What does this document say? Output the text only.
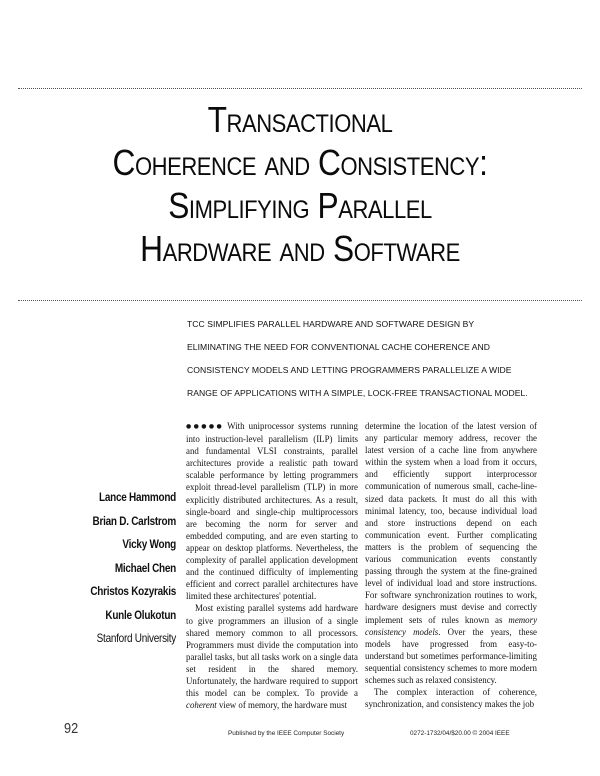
Transactional
Coherence and Consistency:
Simplifying Parallel
Hardware and Software
TCC SIMPLIFIES PARALLEL HARDWARE AND SOFTWARE DESIGN BY
ELIMINATING THE NEED FOR CONVENTIONAL CACHE COHERENCE AND
CONSISTENCY MODELS AND LETTING PROGRAMMERS PARALLELIZE A WIDE
RANGE OF APPLICATIONS WITH A SIMPLE, LOCK-FREE TRANSACTIONAL MODEL.
Lance Hammond
Brian D. Carlstrom
Vicky Wong
Michael Chen
Christos Kozyrakis
Kunle Olukotun
Stanford University

●●●●● With uniprocessor systems running into instruction-level parallelism (ILP) limits and fundamental VLSI constraints, parallel architectures provide a realistic path toward scalable performance by letting programmers exploit thread-level parallelism (TLP) in more explicitly distributed architectures. As a result, single-board and single-chip multiprocessors are becoming the norm for server and embedded computing, and are even starting to appear on desktop platforms. Nevertheless, the complexity of parallel application development and the continued difficulty of implementing efficient and correct parallel architectures have limited these architectures' potential.

Most existing parallel systems add hardware to give programmers an illusion of a single shared memory common to all processors. Programmers must divide the computation into parallel tasks, but all tasks work on a single data set resident in the shared memory. Unfortunately, the hardware required to support this model can be complex. To provide a coherent view of memory, the hardware must

determine the location of the latest version of any particular memory address, recover the latest version of a cache line from anywhere within the system when a load from it occurs, and efficiently support interprocessor communication of numerous small, cache-line-sized data packets. It must do all this with minimal latency, too, because individual load and store instructions depend on each communication event. Further complicating matters is the problem of sequencing the various communication events constantly passing through the system at the fine-grained level of individual load and store instructions. For software synchronization routines to work, hardware designers must devise and correctly implement sets of rules known as memory consistency models. Over the years, these models have progressed from easy-to-understand but sometimes performance-limiting sequential consistency schemes to more modern schemes such as relaxed consistency.

The complex interaction of coherence, synchronization, and consistency makes the job

92	Published by the IEEE Computer Society	0272-1732/04/$20.00 © 2004 IEEE
